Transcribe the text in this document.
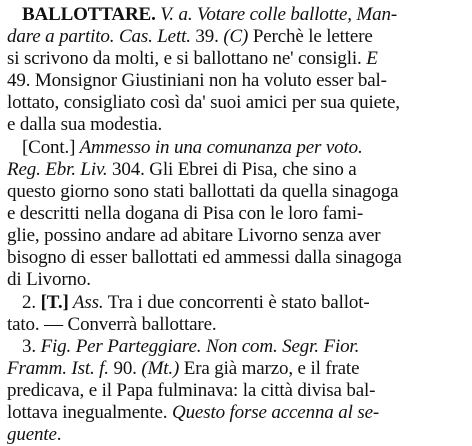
BALLOTTARE. V. a. Votare colle ballotte, Man-
dare a partito. Cas. Lett. 39. (C) Perchè le lettere
si scrivono da molti, e si ballottano ne' consigli. E
49. Monsignor Giustiniani non ha voluto esser bal-
lottato, consigliato così da' suoi amici per sua quiete,
e dalla sua modestia.
[Cont.] Ammesso in una comunanza per voto.
Reg. Ebr. Liv. 304. Gli Ebrei di Pisa, che sino a
questo giorno sono stati ballottati da quella sinagoga
e descritti nella dogana di Pisa con le loro fami-
glie, possino andare ad abitare Livorno senza aver
bisogno di esser ballottati ed ammessi dalla sinagoga
di Livorno.
2. [T.] Ass. Tra i due concorrenti è stato ballot-
tato. — Converrà ballottare.
3. Fig. Per Parteggiare. Non com. Segr. Fior.
Framm. Ist. f. 90. (Mt.) Era già marzo, e il frate
predicava, e il Papa fulminava: la città divisa bal-
lottava inegualmente. Questo forse accenna al se-
guente.
